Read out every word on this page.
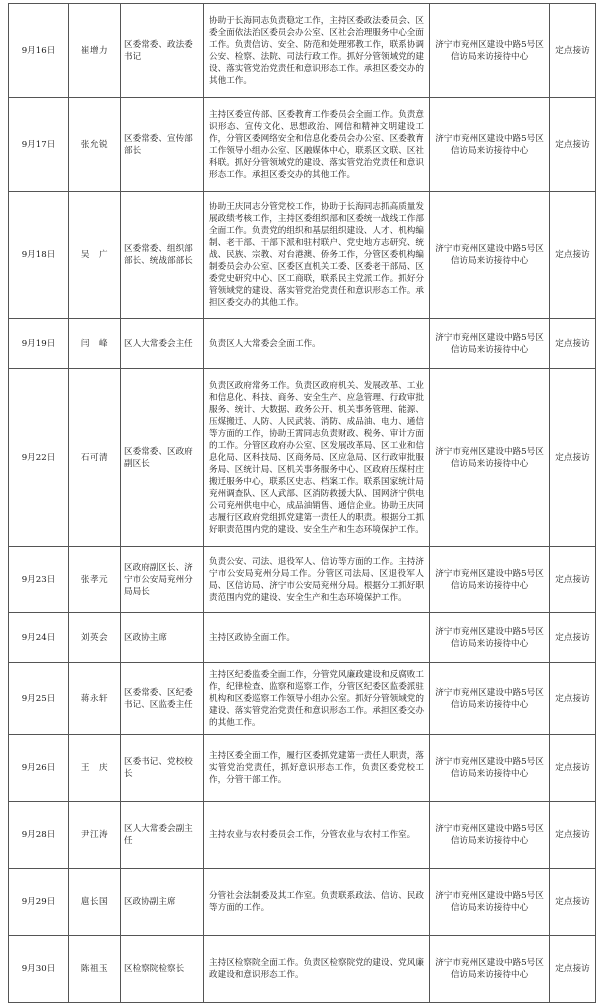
9月16日	崔增力	区委常委、政法委书记	协助于长海同志负责稳定工作，主持区委政法委员会、区委全面依法治区委员会办公室、区社会治理服务中心全面工作。负责信访、安全、防范和处理邪教工作，联系协调公安、检察、法院、司法行政工作。抓好分管领域党的建设、落实管党治党责任和意识形态工作。承担区委交办的其他工作。	济宁市兖州区建设中路5号区信访局来访接待中心	定点接访
9月17日	张允锐	区委常委、宣传部部长	主持区委宣传部、区委教育工作委员会全面工作。负责意识形态、宣传文化、思想政治、网信和精神文明建设工作，分管区委网络安全和信息化委员会办公室、区委教育工作领导小组办公室、区融媒体中心，联系区文联、区社科联。抓好分管领域党的建设、落实管党治党责任和意识形态工作。承担区委交办的其他工作。	济宁市兖州区建设中路5号区信访局来访接待中心	定点接访
9月18日	吴　广	区委常委、组织部部长、统战部部长	协助王庆同志分管党校工作，协助于长海同志抓高质量发展政绩考核工作，主持区委组织部和区委统一战线工作部全面工作。负责党的组织和基层组织建设、人才、机构编制、老干部、干部下派和驻村联户、党史地方志研究、统战、民族、宗教、对台港澳、侨务工作，分管区委机构编制委员会办公室、区委区直机关工委、区委老干部局、区委党史研究中心、区工商联，联系民主党派工作。抓好分管领域党的建设、落实管党治党责任和意识形态工作。承担区委交办的其他工作。	济宁市兖州区建设中路5号区信访局来访接待中心	定点接访
9月19日	闫　峰	区人大常委会主任	负责区人大常委会全面工作。	济宁市兖州区建设中路5号区信访局来访接待中心	定点接访
9月22日	石可清	区委常委、区政府副区长	负责区政府常务工作。负责区政府机关、发展改革、工业和信息化、科技、商务、安全生产、应急管理、行政审批服务、统计、大数据、政务公开、机关事务管理、能源、压煤搬迁、人防、人民武装、消防、成品油、电力、通信等方面的工作，协助王霄同志负责财政、税务、审计方面的工作。分管区政府办公室、区发展改革局、区工业和信息化局、区科技局、区商务局、区应急局、区行政审批服务局、区统计局、区机关事务服务中心、区政府压煤村庄搬迁服务中心，联系区史志、档案工作。联系国家统计局兖州调查队、区人武部、区消防救援大队、国网济宁供电公司兖州供电中心，成品油销售、通信企业。协助王庆同志履行区政府党组抓党建第一责任人的职责。根据分工抓好职责范围内党的建设、安全生产和生态环境保护工作。	济宁市兖州区建设中路5号区信访局来访接待中心	定点接访
9月23日	张孝元	区政府副区长、济宁市公安局兖州分局局长	负责公安、司法、退役军人、信访等方面的工作。主持济宁市公安局兖州分局工作。分管区司法局、区退役军人局、区信访局、济宁市公安局兖州分局。根据分工抓好职责范围内党的建设、安全生产和生态环境保护工作。	济宁市兖州区建设中路5号区信访局来访接待中心	定点接访
9月24日	刘英会	区政协主席	主持区政协全面工作。	济宁市兖州区建设中路5号区信访局来访接待中心	定点接访
9月25日	蒋永轩	区委常委、区纪委书记、区监委主任	主持区纪委监委全面工作，分管党风廉政建设和反腐败工作，纪律检查、监察和巡察工作，分管区纪委区监委派驻机构和区委巡察工作领导小组办公室。抓好分管领域党的建设、落实管党治党责任和意识形态工作。承担区委交办的其他工作。	济宁市兖州区建设中路5号区信访局来访接待中心	定点接访
9月26日	王　庆	区委书记、党校校长	主持区委全面工作，履行区委抓党建第一责任人职责，落实管党治党责任，抓好意识形态工作，负责区委党校工作，分管干部工作。	济宁市兖州区建设中路5号区信访局来访接待中心	定点接访
9月28日	尹江涛	区人大常委会副主任	主持农业与农村委员会工作，分管农业与农村工作室。	济宁市兖州区建设中路5号区信访局来访接待中心	定点接访
9月29日	扈长国	区政协副主席	分管社会法制委及其工作室。负责联系政法、信访、民政等方面的工作。	济宁市兖州区建设中路5号区信访局来访接待中心	定点接访
9月30日	陈祖玉	区检察院检察长	主持区检察院全面工作。负责区检察院党的建设、党风廉政建设和意识形态工作。	济宁市兖州区建设中路5号区信访局来访接待中心	定点接访
